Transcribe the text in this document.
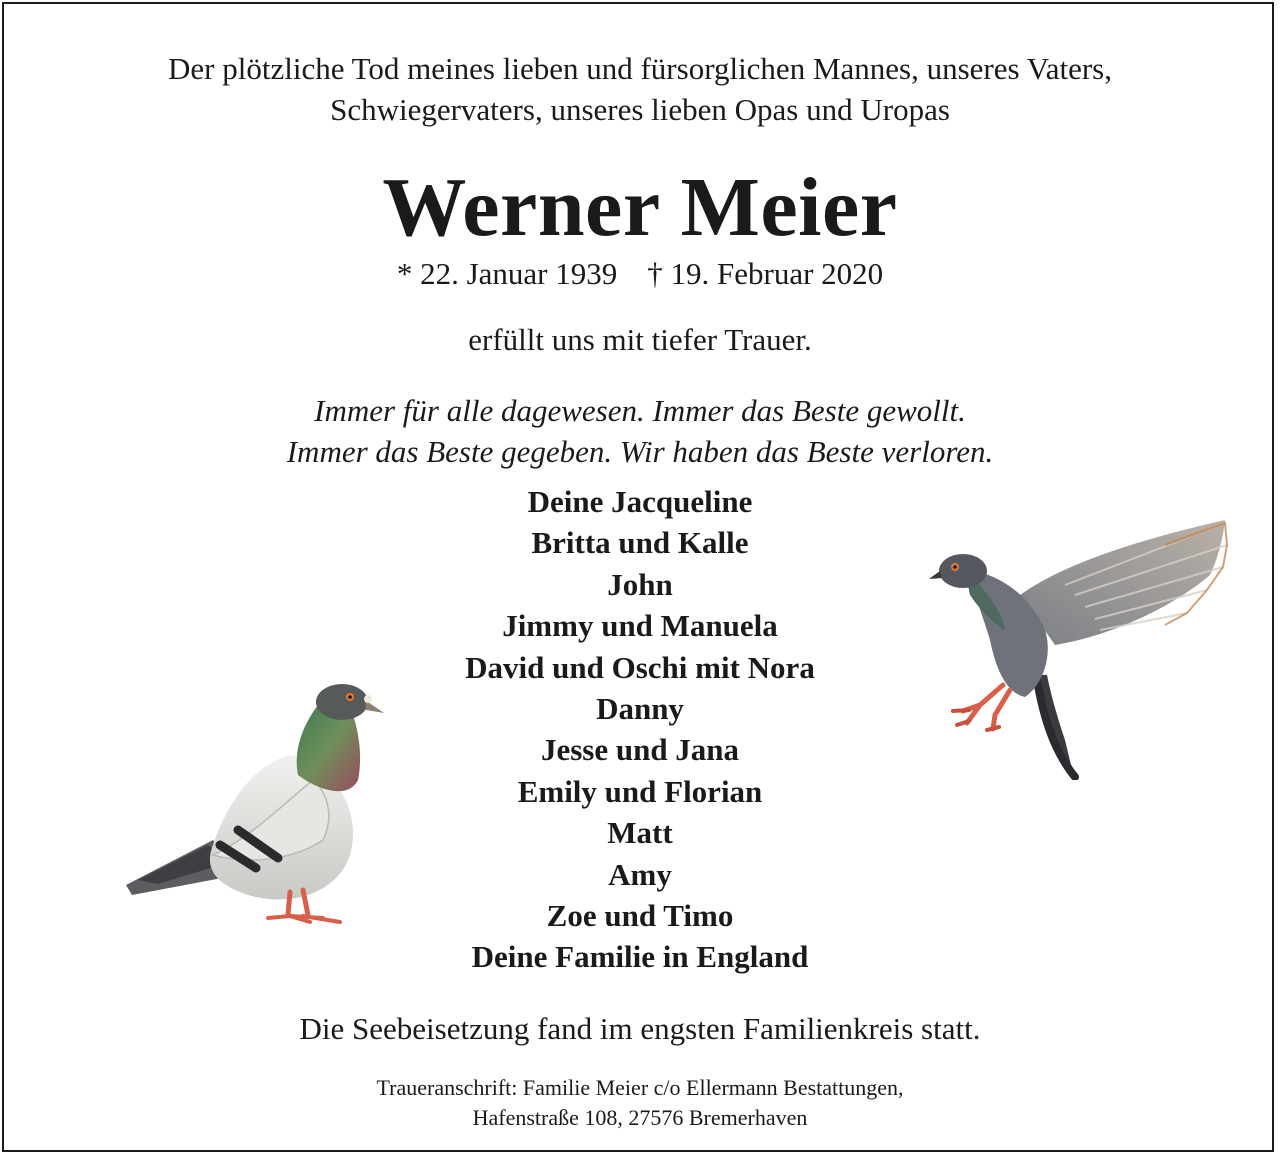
Der plötzliche Tod meines lieben und fürsorglichen Mannes, unseres Vaters,
Schwiegervaters, unseres lieben Opas und Uropas
Werner Meier
* 22. Januar 1939 † 19. Februar 2020
erfüllt uns mit tiefer Trauer.
Immer für alle dagewesen. Immer das Beste gewollt.
Immer das Beste gegeben. Wir haben das Beste verloren.
Deine Jacqueline
Britta und Kalle
John
Jimmy und Manuela
David und Oschi mit Nora
Danny
Jesse und Jana
Emily und Florian
Matt
Amy
Zoe und Timo
Deine Familie in England
Die Seebeisetzung fand im engsten Familienkreis statt.
Traueranschrift: Familie Meier c/o Ellermann Bestattungen,
Hafenstraße 108, 27576 Bremerhaven
